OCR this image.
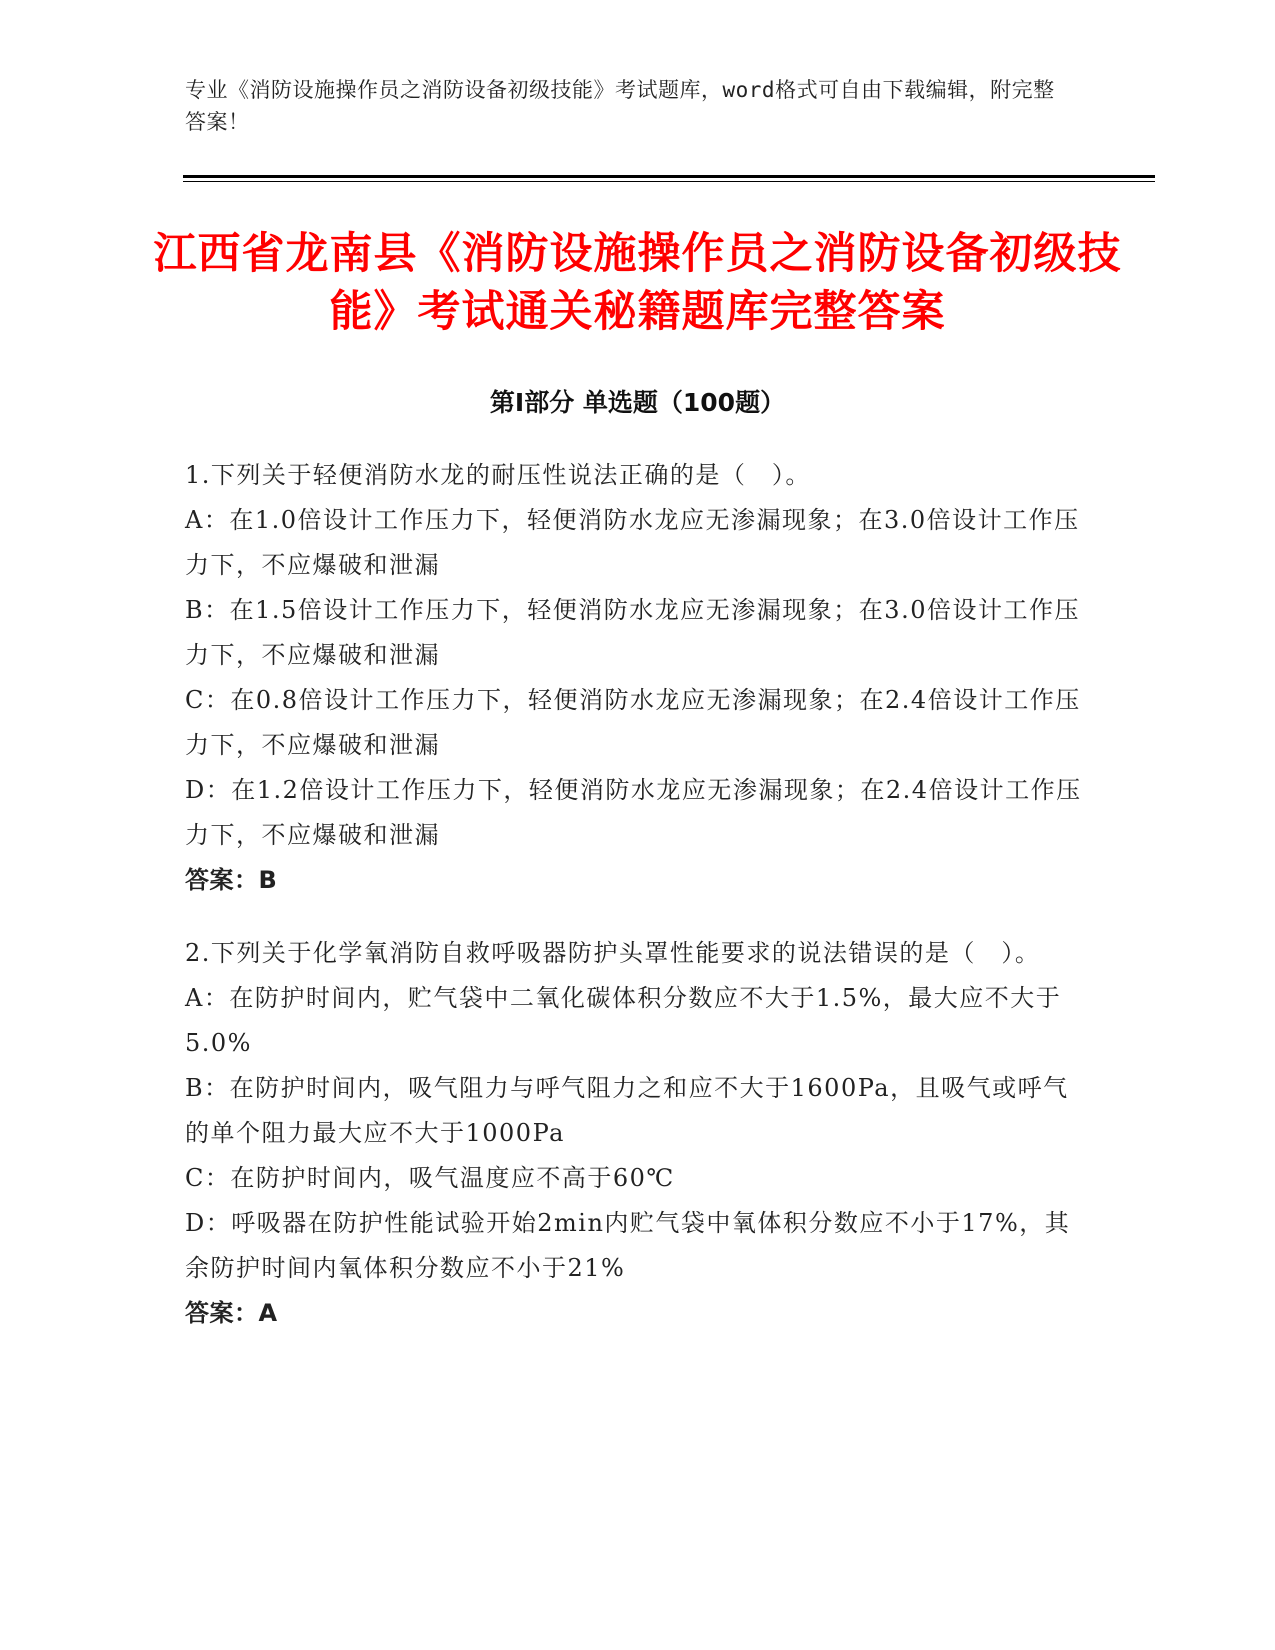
专业《消防设施操作员之消防设备初级技能》考试题库，word格式可自由下载编辑，附完整答案！
江西省龙南县《消防设施操作员之消防设备初级技能》考试通关秘籍题库完整答案
第Ⅰ部分 单选题（100题）
1.下列关于轻便消防水龙的耐压性说法正确的是（　）。
A：在1.0倍设计工作压力下，轻便消防水龙应无渗漏现象；在3.0倍设计工作压力下，不应爆破和泄漏
B：在1.5倍设计工作压力下，轻便消防水龙应无渗漏现象；在3.0倍设计工作压力下，不应爆破和泄漏
C：在0.8倍设计工作压力下，轻便消防水龙应无渗漏现象；在2.4倍设计工作压力下，不应爆破和泄漏
D：在1.2倍设计工作压力下，轻便消防水龙应无渗漏现象；在2.4倍设计工作压力下，不应爆破和泄漏
答案：B
2.下列关于化学氧消防自救呼吸器防护头罩性能要求的说法错误的是（　）。
A：在防护时间内，贮气袋中二氧化碳体积分数应不大于1.5%，最大应不大于5.0%
B：在防护时间内，吸气阻力与呼气阻力之和应不大于1600Pa，且吸气或呼气的单个阻力最大应不大于1000Pa
C：在防护时间内，吸气温度应不高于60℃
D：呼吸器在防护性能试验开始2min内贮气袋中氧体积分数应不小于17%，其余防护时间内氧体积分数应不小于21%
答案：A
